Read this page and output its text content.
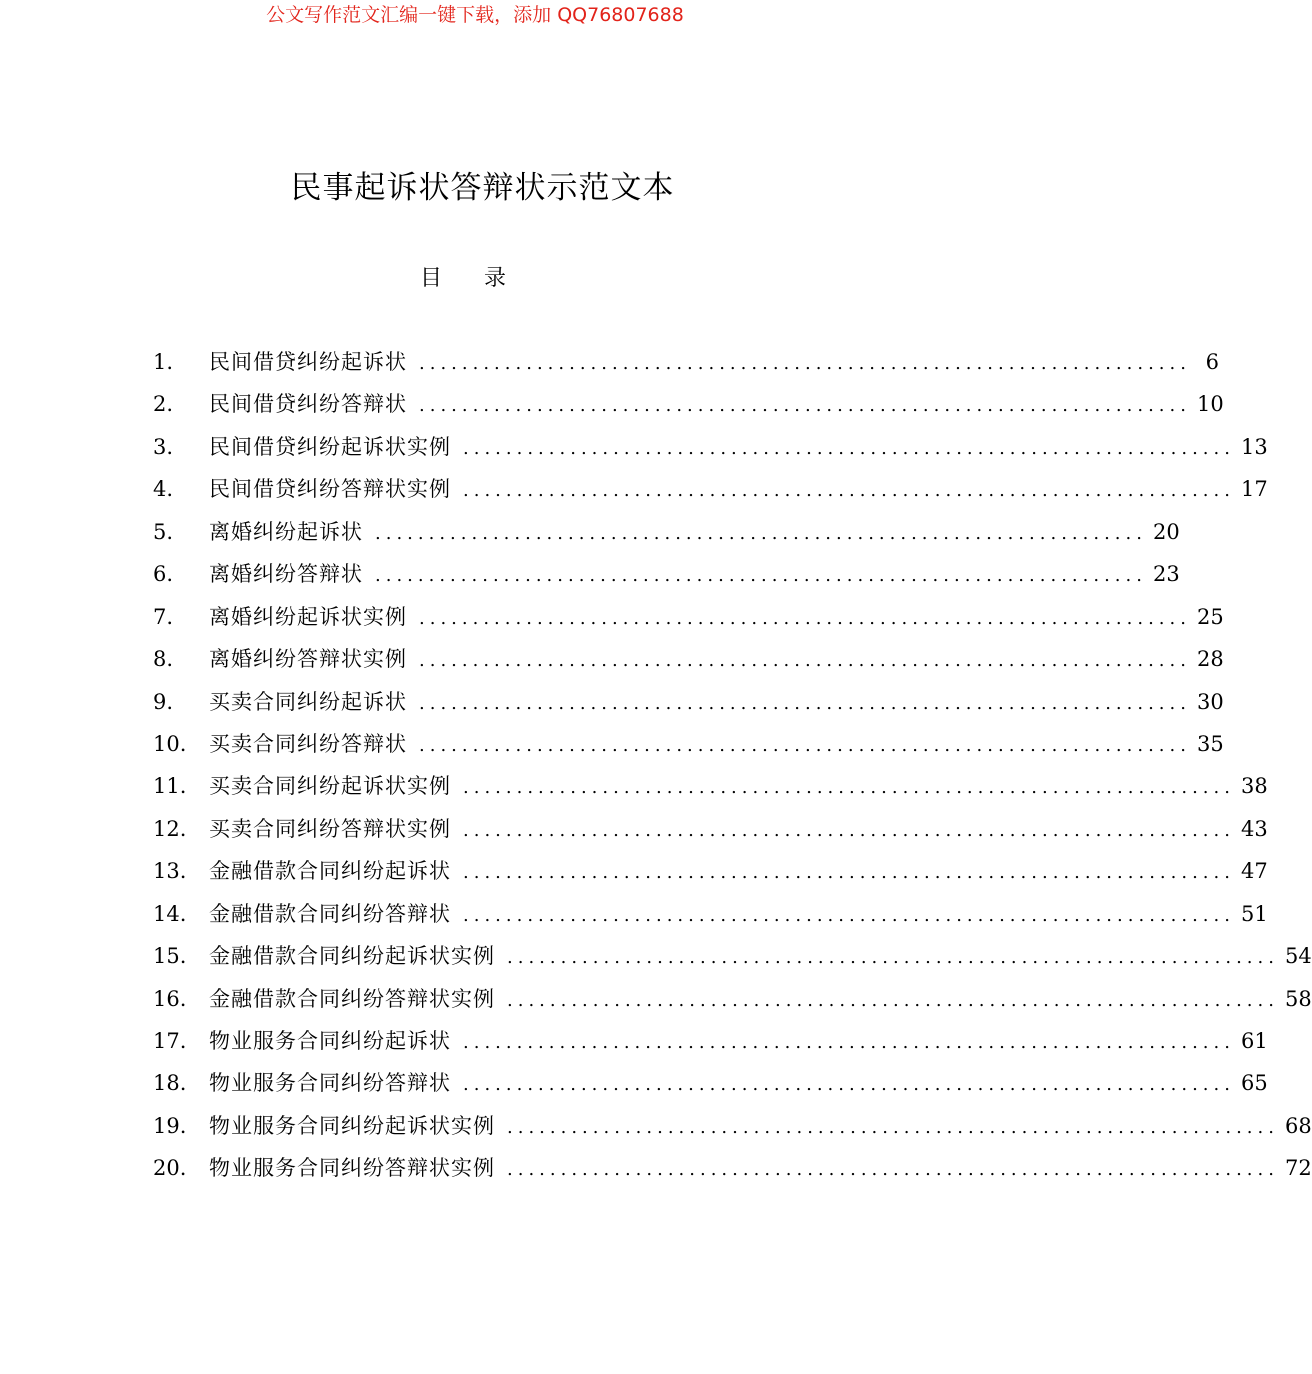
公文写作范文汇编一键下载，添加 QQ76807688
民事起诉状答辩状示范文本
目录
1.	民间借贷纠纷起诉状 ........................................................................ 6
2.	民间借贷纠纷答辩状 ........................................................................ 10
3.	民间借贷纠纷起诉状实例 ........................................................................ 13
4.	民间借贷纠纷答辩状实例 ........................................................................ 17
5.	离婚纠纷起诉状 ........................................................................ 20
6.	离婚纠纷答辩状 ........................................................................ 23
7.	离婚纠纷起诉状实例 ........................................................................ 25
8.	离婚纠纷答辩状实例 ........................................................................ 28
9.	买卖合同纠纷起诉状 ........................................................................ 30
10.	买卖合同纠纷答辩状 ........................................................................ 35
11.	买卖合同纠纷起诉状实例 ........................................................................ 38
12.	买卖合同纠纷答辩状实例 ........................................................................ 43
13.	金融借款合同纠纷起诉状 ........................................................................ 47
14.	金融借款合同纠纷答辩状 ........................................................................ 51
15.	金融借款合同纠纷起诉状实例 ........................................................................ 54
16.	金融借款合同纠纷答辩状实例 ........................................................................ 58
17.	物业服务合同纠纷起诉状 ........................................................................ 61
18.	物业服务合同纠纷答辩状 ........................................................................ 65
19.	物业服务合同纠纷起诉状实例 ........................................................................ 68
20.	物业服务合同纠纷答辩状实例 ........................................................................ 72
